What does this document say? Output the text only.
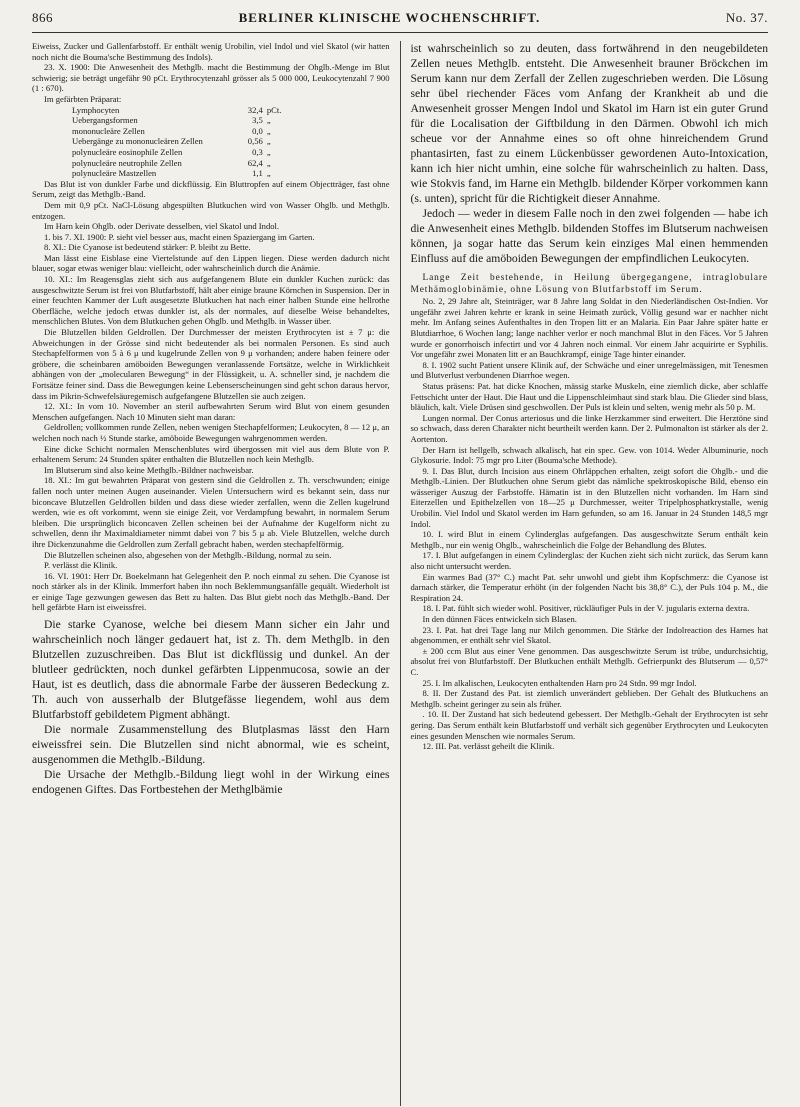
866	BERLINER KLINISCHE WOCHENSCHRIFT.	No. 37.

Eiweiss, Zucker und Gallenfarbstoff. Er enthält wenig Urobilin, viel Indol und viel Skatol (wir hatten noch nicht die Bouma'sche Bestimmung des Indols).

23. X. 1900: Die Anwesenheit des Methglb. macht die Bestimmung der Ohglb.-Menge im Blut schwierig; sie beträgt ungefähr 90 pCt. Erythrocytenzahl grösser als 5 000 000, Leukocytenzahl 7 900 (1 : 670).

Im gefärbten Präparat:

Lymphocyten	32,4	pCt.
Uebergangsformen	3,5	„
mononucleäre Zellen	0,0	„
Uebergänge zu mononucleären Zellen	0,56	„
polynucleäre eosinophile Zellen	0,3	„
polynucleäre neutrophile Zellen	62,4	„
polynucleäre Mastzellen	1,1	„

Das Blut ist von dunkler Farbe und dickflüssig. Ein Bluttropfen auf einem Objectträger, fast ohne Serum, zeigt das Methglb.-Band.

Dem mit 0,9 pCt. NaCl-Lösung abgespülten Blutkuchen wird von Wasser Ohglb. und Methglb. entzogen.

Im Harn kein Ohglb. oder Derivate desselben, viel Skatol und Indol.

1. bis 7. XI. 1900: P. sieht viel besser aus, macht einen Spaziergang im Garten.

8. XI.: Die Cyanose ist bedeutend stärker: P. bleibt zu Bette.

Man lässt eine Eisblase eine Viertelstunde auf den Lippen liegen. Diese werden dadurch nicht blauer, sogar etwas weniger blau: vielleicht, oder wahrscheinlich durch die Anämie.

10. XI.: Im Reagensglas zieht sich aus aufgefangenem Blute ein dunkler Kuchen zurück: das ausgeschwitzte Serum ist frei von Blutfarbstoff, hält aber einige braune Körnchen in Suspension. Der in einer feuchten Kammer der Luft ausgesetzte Blutkuchen hat nach einer halben Stunde eine hellrothe Oberfläche, welche jedoch etwas dunkler ist, als der normales, auf dieselbe Weise behandeltes, menschlichen Blutes. Von dem Blutkuchen gehen Ohglb. und Methglb. in Wasser über.

Die Blutzellen bilden Geldrollen. Der Durchmesser der meisten Erythrocyten ist ± 7 μ: die Abweichungen in der Grösse sind nicht bedeutender als bei normalen Personen. Es sind auch Stechapfelformen von 5 à 6 μ und kugelrunde Zellen von 9 μ vorhanden; andere haben feinere oder gröbere, die scheinbaren amöboiden Bewegungen veranlassende Fortsätze, welche in Wirklichkeit abhängen von der „molecularen Bewegung“ in der Flüssigkeit, u. A. schneller sind, je nachdem die Fortsätze feiner sind. Dass die Bewegungen keine Lebenserscheinungen sind geht schon daraus hervor, dass im Pikrin-Schwefelsäuregemisch aufgefangene Blutzellen sie auch zeigen.

12. XI.: In vom 10. November an steril aufbewahrten Serum wird Blut von einem gesunden Menschen aufgefangen. Nach 10 Minuten sieht man daran:

Geldrollen; vollkommen runde Zellen, neben wenigen Stechapfelformen; Leukocyten, 8 — 12 μ, an welchen noch nach ½ Stunde starke, amöboide Bewegungen wahrgenommen werden.

Eine dicke Schicht normalen Menschenblutes wird übergossen mit viel aus dem Blute von P. erhaltenem Serum: 24 Stunden später enthalten die Blutzellen noch kein Methglb.

Im Blutserum sind also keine Methglb.-Bildner nachweisbar.

18. XI.: Im gut bewahrten Präparat von gestern sind die Geldrollen z. Th. verschwunden; einige fallen noch unter meinen Augen auseinander. Vielen Untersuchern wird es bekannt sein, dass nur biconcave Blutzellen Geldrollen bilden und dass diese wieder zerfallen, wenn die Zellen kugelrund werden, wie es oft vorkommt, wenn sie einige Zeit, vor Verdampfung bewahrt, in normalem Serum bleiben. Die ursprünglich biconcaven Zellen scheinen bei der Aufnahme der Kugelform nicht zu schwellen, denn ihr Maximaldiameter nimmt dabei von 7 bis 5 μ ab. Viele Blutzellen, welche durch ihre Dickenzunahme die Geldrollen zum Zerfall gebracht haben, werden stechapfelförmig.

Die Blutzellen scheinen also, abgesehen von der Methglb.-Bildung, normal zu sein.

P. verlässt die Klinik.

16. VI. 1901: Herr Dr. Boekelmann hat Gelegenheit den P. noch einmal zu sehen. Die Cyanose ist noch stärker als in der Klinik. Immerfort haben ihn noch Beklemmungsanfälle gequält. Wiederholt ist er einige Tage gezwungen gewesen das Bett zu halten. Das Blut giebt noch das Methglb.-Band. Der hell gefärbte Harn ist eiweissfrei.

Die starke Cyanose, welche bei diesem Mann sicher ein Jahr und wahrscheinlich noch länger gedauert hat, ist z. Th. dem Methglb. in den Blutzellen zuzuschreiben. Das Blut ist dickflüssig und dunkel. An der blutleer gedrückten, noch dunkel gefärbten Lippenmucosa, sowie an der Haut, ist es deutlich, dass die abnormale Farbe der äusseren Bedeckung z. Th. auch von ausserhalb der Blutgefässe liegendem, wohl aus dem Blutfarbstoff gebildetem Pigment abhängt.

Die normale Zusammenstellung des Blutplasmas lässt den Harn eiweissfrei sein. Die Blutzellen sind nicht abnormal, wie es scheint, ausgenommen die Methglb.-Bildung.

Die Ursache der Methglb.-Bildung liegt wohl in der Wirkung eines endogenen Giftes. Das Fortbestehen der Methglbämie

ist wahrscheinlich so zu deuten, dass fortwährend in den neugebildeten Zellen neues Methglb. entsteht. Die Anwesenheit brauner Bröckchen im Serum kann nur dem Zerfall der Zellen zugeschrieben werden. Die Lösung sehr übel riechender Fäces vom Anfang der Krankheit ab und die Anwesenheit grosser Mengen Indol und Skatol im Harn ist ein guter Grund für die Localisation der Giftbildung in den Därmen. Obwohl ich mich scheue vor der Annahme eines so oft ohne hinreichendem Grund phantasirten, fast zu einem Lückenbüsser gewordenen Auto-Intoxication, kann ich hier nicht umhin, eine solche für wahrscheinlich zu halten. Dass, wie Stokvis fand, im Harne ein Methglb. bildender Körper vorkommen kann (s. unten), spricht für die Richtigkeit dieser Annahme.

Jedoch — weder in diesem Falle noch in den zwei folgenden — habe ich die Anwesenheit eines Methglb. bildenden Stoffes im Blutserum nachweisen können, ja sogar hatte das Serum kein einziges Mal einen hemmenden Einfluss auf die amöboiden Bewegungen der empfindlichen Leukocyten.

Lange Zeit bestehende, in Heilung übergegangene, intraglobulare Methämoglobinämie, ohne Lösung von Blutfarbstoff im Serum.

No. 2, 29 Jahre alt, Steinträger, war 8 Jahre lang Soldat in den Niederländischen Ost-Indien. Vor ungefähr zwei Jahren kehrte er krank in seine Heimath zurück, Völlig gesund war er nachher nicht mehr. Im Anfang seines Aufenthaltes in den Tropen litt er an Malaria. Ein Paar Jahre später hatte er Blutdiarrhoe, 6 Wochen lang; lange nachher verlor er noch manchmal Blut in den Fäces. Vor 5 Jahren wurde er gonorrhoisch infectirt und vor 4 Jahren noch einmal. Vor einem Jahr acquirirte er Syphilis. Vor ungefähr zwei Monaten litt er an Bauchkrampf, einige Tage hinter einander.

8. I. 1902 sucht Patient unsere Klinik auf, der Schwäche und einer unregelmässigen, mit Tenesmen und Blutverlust verbundenen Diarrhoe wegen.

Status präsens: Pat. hat dicke Knochen, mässig starke Muskeln, eine ziemlich dicke, aber schlaffe Fettschicht unter der Haut. Die Haut und die Lippenschleimhaut sind stark blau. Die Glieder sind blass, bläulich, kalt. Viele Drüsen sind geschwollen. Der Puls ist klein und selten, wenig mehr als 50 p. M.

Lungen normal. Der Conus arteriosus und die linke Herzkammer sind erweitert. Die Herztöne sind so schwach, dass deren Charakter nicht beurtheilt werden kann. Der 2. Pulmonalton ist stärker als der 2. Aortenton.

Der Harn ist hellgelb, schwach alkalisch, hat ein spec. Gew. von 1014. Weder Albuminurie, noch Glykosurie. Indol: 75 mgr pro Liter (Bouma'sche Methode).

9. I. Das Blut, durch Incision aus einem Ohrläppchen erhalten, zeigt sofort die Ohglb.- und die Methglb.-Linien. Der Blutkuchen ohne Serum giebt das nämliche spektroskopische Bild, ebenso ein wässeriger Auszug der Farbstoffe. Hämatin ist in den Blutzellen nicht vorhanden. Im Harn sind Eiterzellen und Epithelzellen von 18—25 μ Durchmesser, weiter Tripelphosphatkrystalle, wenig Urobilin. Viel Indol und Skatol werden im Harn gefunden, so am 16. Januar in 24 Stunden 148,5 mgr Indol.

10. I. wird Blut in einem Cylinderglas aufgefangen. Das ausgeschwitzte Serum enthält kein Methglb., nur ein wenig Ohglb., wahrscheinlich die Folge der Behandlung des Blutes.

17. I. Blut aufgefangen in einem Cylinderglas: der Kuchen zieht sich nicht zurück, das Serum kann also nicht untersucht werden.

Ein warmes Bad (37° C.) macht Pat. sehr unwohl und giebt ihm Kopfschmerz: die Cyanose ist darnach stärker, die Temperatur erhöht (in der folgenden Nacht bis 38,8° C.), der Puls 104 p. M., die Respiration 24.

18. I. Pat. fühlt sich wieder wohl. Positiver, rückläufiger Puls in der V. jugularis externa dextra.

In den dünnen Fäces entwickeln sich Blasen.

23. I. Pat. hat drei Tage lang nur Milch genommen. Die Stärke der Indolreaction des Harnes hat abgenommen, er enthält sehr viel Skatol.

± 200 ccm Blut aus einer Vene genommen. Das ausgeschwitzte Serum ist trübe, undurchsichtig, absolut frei von Blutfarbstoff. Der Blutkuchen enthält Methglb. Gefrierpunkt des Blutserum — 0,57° C.

25. I. Im alkalischen, Leukocyten enthaltenden Harn pro 24 Stdn. 99 mgr Indol.

8. II. Der Zustand des Pat. ist ziemlich unverändert geblieben. Der Gehalt des Blutkuchens an Methglb. scheint geringer zu sein als früher.

. 10. II. Der Zustand hat sich bedeutend gebessert. Der Methglb.-Gehalt der Erythrocyten ist sehr gering. Das Serum enthält kein Blutfarbstoff und verhält sich gegenüber Erythrocyten und Leukocyten eines gesunden Menschen wie normales Serum.

12. III. Pat. verlässt geheilt die Klinik.
